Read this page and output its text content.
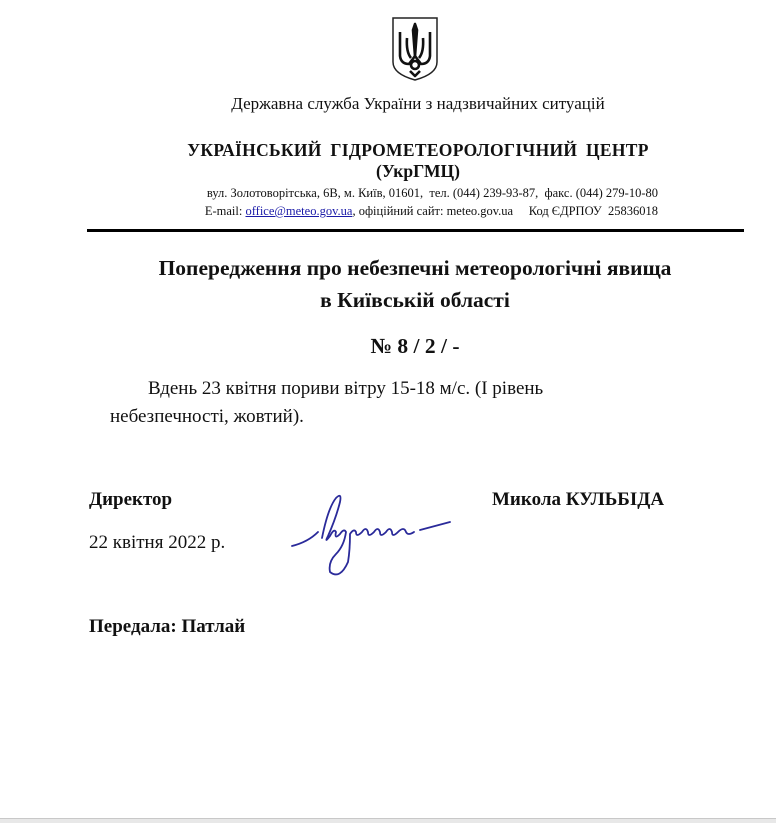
Державна служба України з надзвичайних ситуацій
УКРАЇНСЬКИЙ ГІДРОМЕТЕОРОЛОГІЧНИЙ ЦЕНТР
(УкрГМЦ)
вул. Золотоворітська, 6В, м. Київ, 01601,  тел. (044) 239-93-87,  факс. (044) 279-10-80
E-mail: office@meteo.gov.ua, офіційний сайт: meteo.gov.ua     Код ЄДРПОУ  25836018
Попередження про небезпечні метеорологічні явища
в Київській області
№ 8 / 2 / -
Вдень 23 квітня пориви вітру 15-18 м/с. (І рівень
небезпечності, жовтий).
Директор
22 квітня 2022 р.
Микола КУЛЬБІДА
Передала: Патлай
